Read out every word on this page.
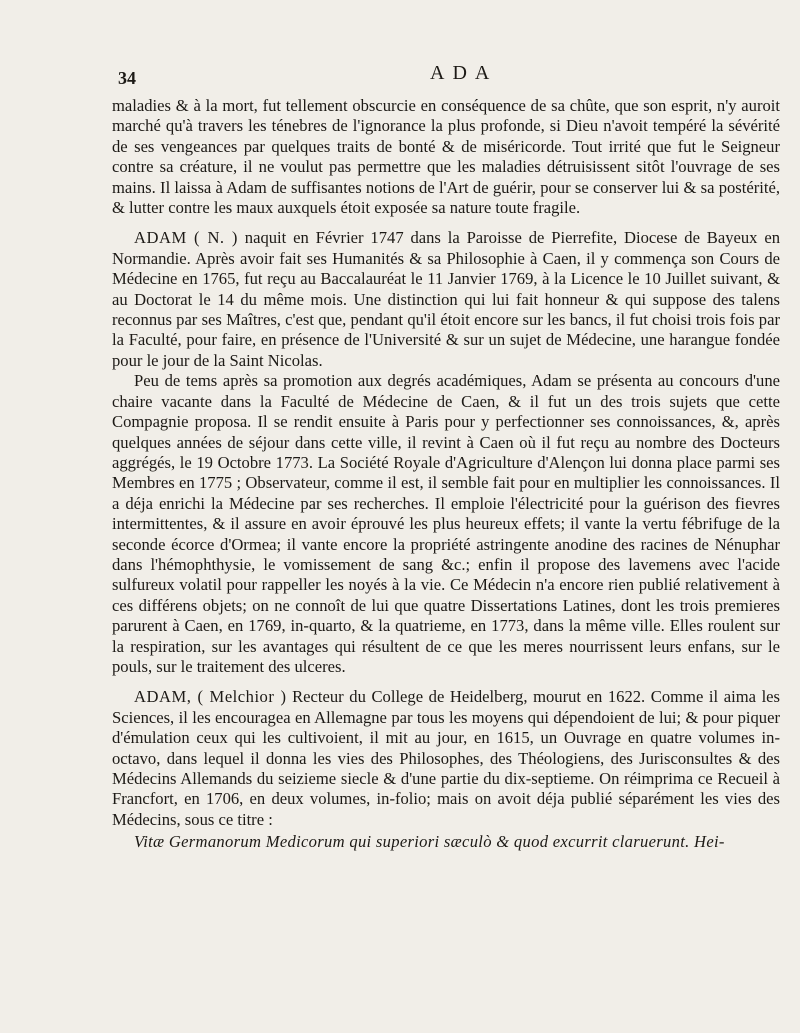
34	ADA

maladies & à la mort, fut tellement obscurcie en conséquence de sa chûte, que son esprit, n'y auroit marché qu'à travers les ténebres de l'ignorance la plus profonde, si Dieu n'avoit tempéré la sévérité de ses vengeances par quelques traits de bonté & de miséricorde. Tout irrité que fut le Seigneur contre sa créature, il ne voulut pas permettre que les maladies détruisissent sitôt l'ouvrage de ses mains. Il laissa à Adam de suffisantes notions de l'Art de guérir, pour se conserver lui & sa postérité, & lutter contre les maux auxquels étoit exposée sa nature toute fragile.

ADAM ( N. ) naquit en Février 1747 dans la Paroisse de Pierrefite, Diocese de Bayeux en Normandie. Après avoir fait ses Humanités & sa Philosophie à Caen, il y commença son Cours de Médecine en 1765, fut reçu au Baccalauréat le 11 Janvier 1769, à la Licence le 10 Juillet suivant, & au Doctorat le 14 du même mois. Une distinction qui lui fait honneur & qui suppose des talens reconnus par ses Maîtres, c'est que, pendant qu'il étoit encore sur les bancs, il fut choisi trois fois par la Faculté, pour faire, en présence de l'Université & sur un sujet de Médecine, une harangue fondée pour le jour de la Saint Nicolas.

Peu de tems après sa promotion aux degrés académiques, Adam se présenta au concours d'une chaire vacante dans la Faculté de Médecine de Caen, & il fut un des trois sujets que cette Compagnie proposa. Il se rendit ensuite à Paris pour y perfectionner ses connoissances, &, après quelques années de séjour dans cette ville, il revint à Caen où il fut reçu au nombre des Docteurs aggrégés, le 19 Octobre 1773. La Société Royale d'Agriculture d'Alençon lui donna place parmi ses Membres en 1775 ; Observateur, comme il est, il semble fait pour en multiplier les connoissances. Il a déja enrichi la Médecine par ses recherches. Il emploie l'électricité pour la guérison des fievres intermittentes, & il assure en avoir éprouvé les plus heureux effets; il vante la vertu fébrifuge de la seconde écorce d'Ormea; il vante encore la propriété astringente anodine des racines de Nénuphar dans l'hémophthysie, le vomissement de sang &c.; enfin il propose des lavemens avec l'acide sulfureux volatil pour rappeller les noyés à la vie. Ce Médecin n'a encore rien publié relativement à ces différens objets; on ne connoît de lui que quatre Dissertations Latines, dont les trois premieres parurent à Caen, en 1769, in-quarto, & la quatrieme, en 1773, dans la même ville. Elles roulent sur la respiration, sur les avantages qui résultent de ce que les meres nourrissent leurs enfans, sur le pouls, sur le traitement des ulceres.

ADAM, ( Melchior ) Recteur du College de Heidelberg, mourut en 1622. Comme il aima les Sciences, il les encouragea en Allemagne par tous les moyens qui dépendoient de lui; & pour piquer d'émulation ceux qui les cultivoient, il mit au jour, en 1615, un Ouvrage en quatre volumes in-octavo, dans lequel il donna les vies des Philosophes, des Théologiens, des Jurisconsultes & des Médecins Allemands du seizieme siecle & d'une partie du dix-septieme. On réimprima ce Recueil à Francfort, en 1706, en deux volumes, in-folio; mais on avoit déja publié séparément les vies des Médecins, sous ce titre :

Vitæ Germanorum Medicorum qui superiori sæculò & quod excurrit claruerunt. Hei-
